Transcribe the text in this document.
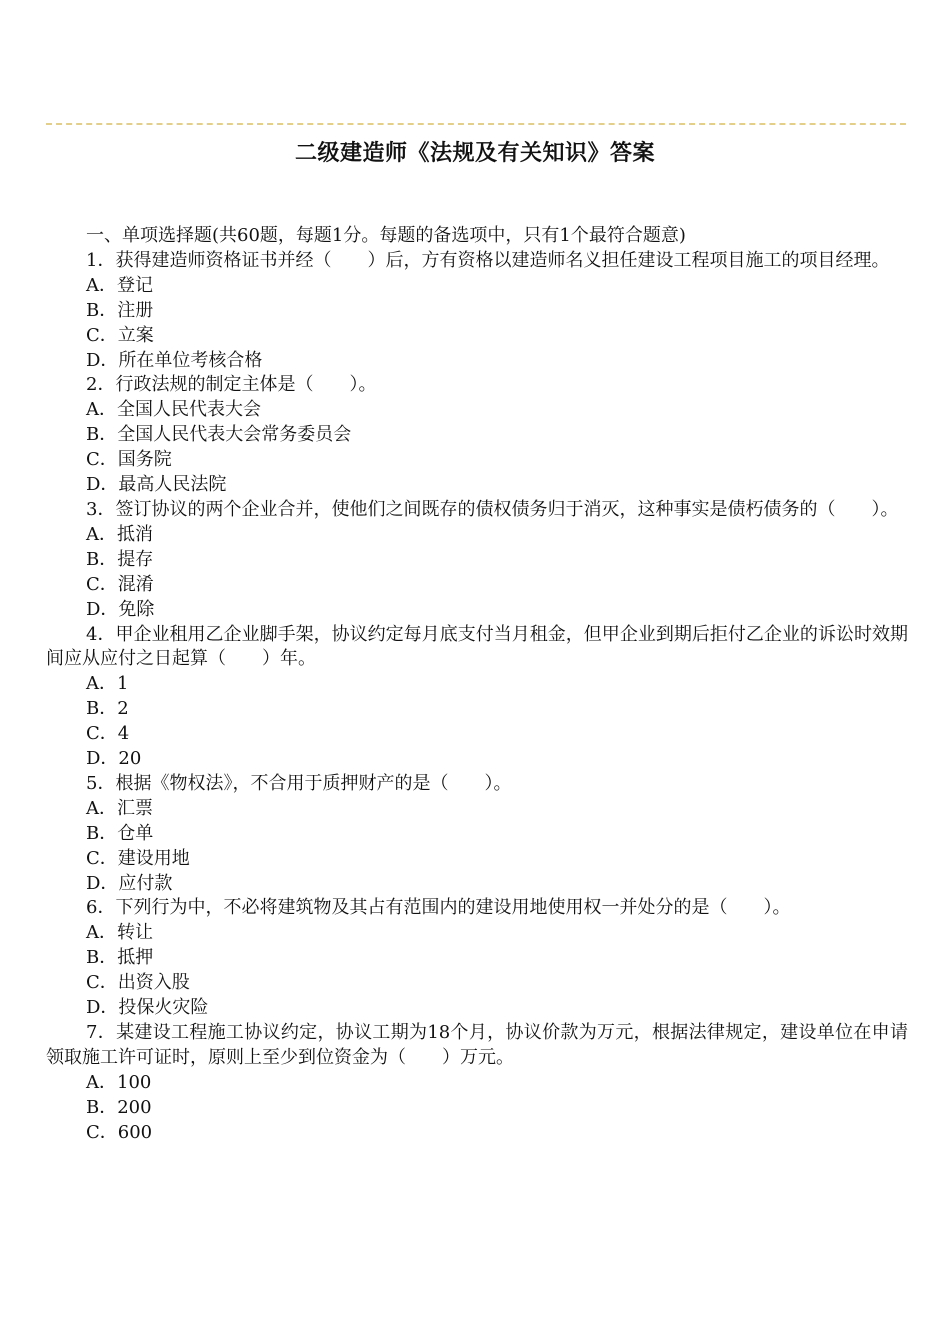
二级建造师《法规及有关知识》答案

一、单项选择题(共60题，每题1分。每题的备选项中，只有1个最符合题意)

1．获得建造师资格证书并经（　　）后，方有资格以建造师名义担任建设工程项目施工的项目经理。

A．登记

B．注册

C．立案

D．所在单位考核合格

2．行政法规的制定主体是（　　）。

A．全国人民代表大会

B．全国人民代表大会常务委员会

C．国务院

D．最高人民法院

3．签订协议的两个企业合并，使他们之间既存的债权债务归于消灭，这种事实是债朽债务的（　　）。

A．抵消

B．提存

C．混淆

D．免除

4．甲企业租用乙企业脚手架，协议约定每月底支付当月租金，但甲企业到期后拒付乙企业的诉讼时效期间应从应付之日起算（　　）年。

A．1

B．2

C．4

D．20

5．根据《物权法》，不合用于质押财产的是（　　）。

A．汇票

B．仓单

C．建设用地

D．应付款

6．下列行为中，不必将建筑物及其占有范围内的建设用地使用权一并处分的是（　　）。

A．转让

B．抵押

C．出资入股

D．投保火灾险

7．某建设工程施工协议约定，协议工期为18个月，协议价款为万元，根据法律规定，建设单位在申请领取施工许可证时，原则上至少到位资金为（　　）万元。

A．100

B．200

C．600
